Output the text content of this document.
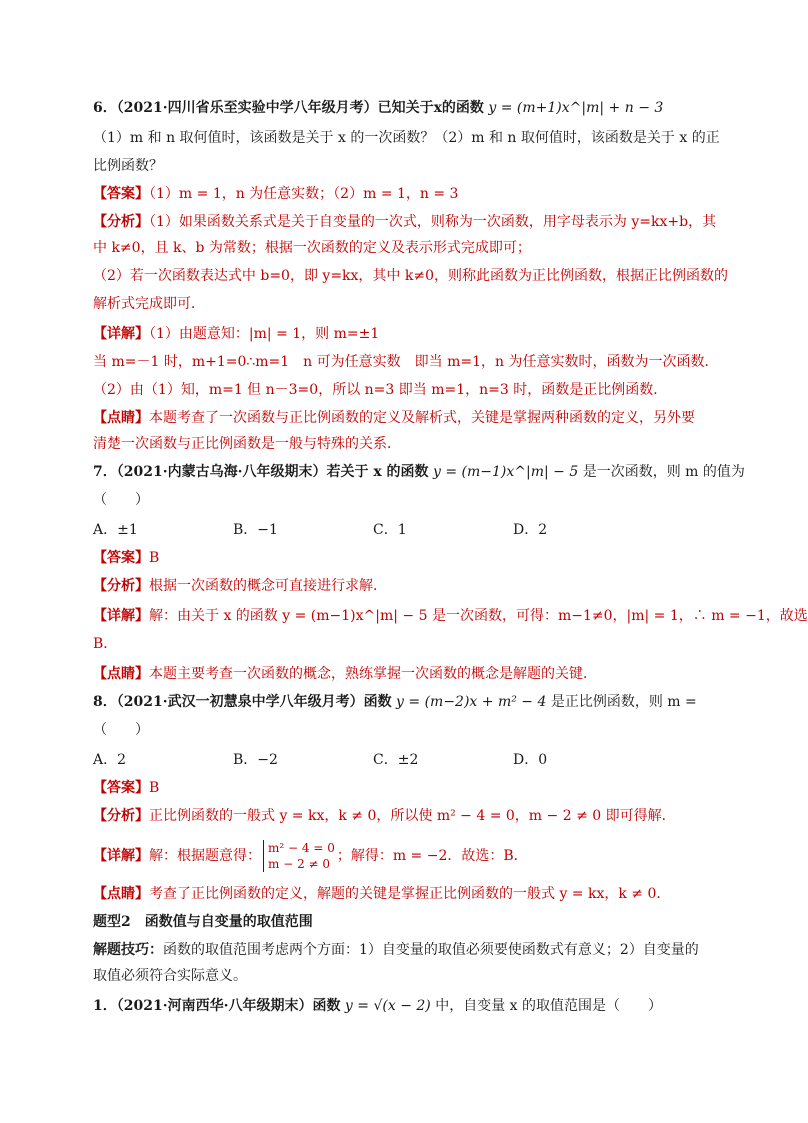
6．（2021·四川省乐至实验中学八年级月考）已知关于x的函数 y = (m+1)x^|m| + n − 3
（1）m 和 n 取何值时，该函数是关于 x 的一次函数？（2）m 和 n 取何值时，该函数是关于 x 的正
比例函数？
【答案】（1）m = 1，n 为任意实数；（2）m = 1，n = 3
【分析】（1）如果函数关系式是关于自变量的一次式，则称为一次函数，用字母表示为 y=kx+b，其
中 k≠0，且 k、b 为常数；根据一次函数的定义及表示形式完成即可；
（2）若一次函数表达式中 b=0，即 y=kx，其中 k≠0，则称此函数为正比例函数，根据正比例函数的
解析式完成即可．
【详解】（1）由题意知：|m| = 1，则 m=±1
当 m=－1 时，m+1=0∴m=1　n 可为任意实数　即当 m=1，n 为任意实数时，函数为一次函数．
（2）由（1）知，m=1 但 n－3=0，所以 n=3 即当 m=1，n=3 时，函数是正比例函数．
【点睛】本题考查了一次函数与正比例函数的定义及解析式，关键是掌握两种函数的定义，另外要
清楚一次函数与正比例函数是一般与特殊的关系．
7．（2021·内蒙古乌海·八年级期末）若关于 x 的函数 y = (m−1)x^|m| − 5 是一次函数，则 m 的值为
（　　）
A．±1	B．−1	C．1	D．2
【答案】B
【分析】根据一次函数的概念可直接进行求解．
【详解】解：由关于 x 的函数 y = (m−1)x^|m| − 5 是一次函数，可得：m−1≠0，|m| = 1，∴ m = −1，故选
B．
【点睛】本题主要考查一次函数的概念，熟练掌握一次函数的概念是解题的关键．
8．（2021·武汉一初慧泉中学八年级月考）函数 y = (m−2)x + m² − 4 是正比例函数，则 m =
（　　）
A．2	B．−2	C．±2	D．0
【答案】B
【分析】正比例函数的一般式 y = kx，k ≠ 0，所以使 m² − 4 = 0，m − 2 ≠ 0 即可得解．
【详解】解：根据题意得： m² − 4 = 0
m − 2 ≠ 0 ；解得：m = −2．故选：B．
【点睛】考查了正比例函数的定义，解题的关键是掌握正比例函数的一般式 y = kx，k ≠ 0．
题型2　函数值与自变量的取值范围
解题技巧：函数的取值范围考虑两个方面：1）自变量的取值必须要使函数式有意义；2）自变量的
取值必须符合实际意义。
1．（2021·河南西华·八年级期末）函数 y = √(x − 2) 中，自变量 x 的取值范围是（　　）
